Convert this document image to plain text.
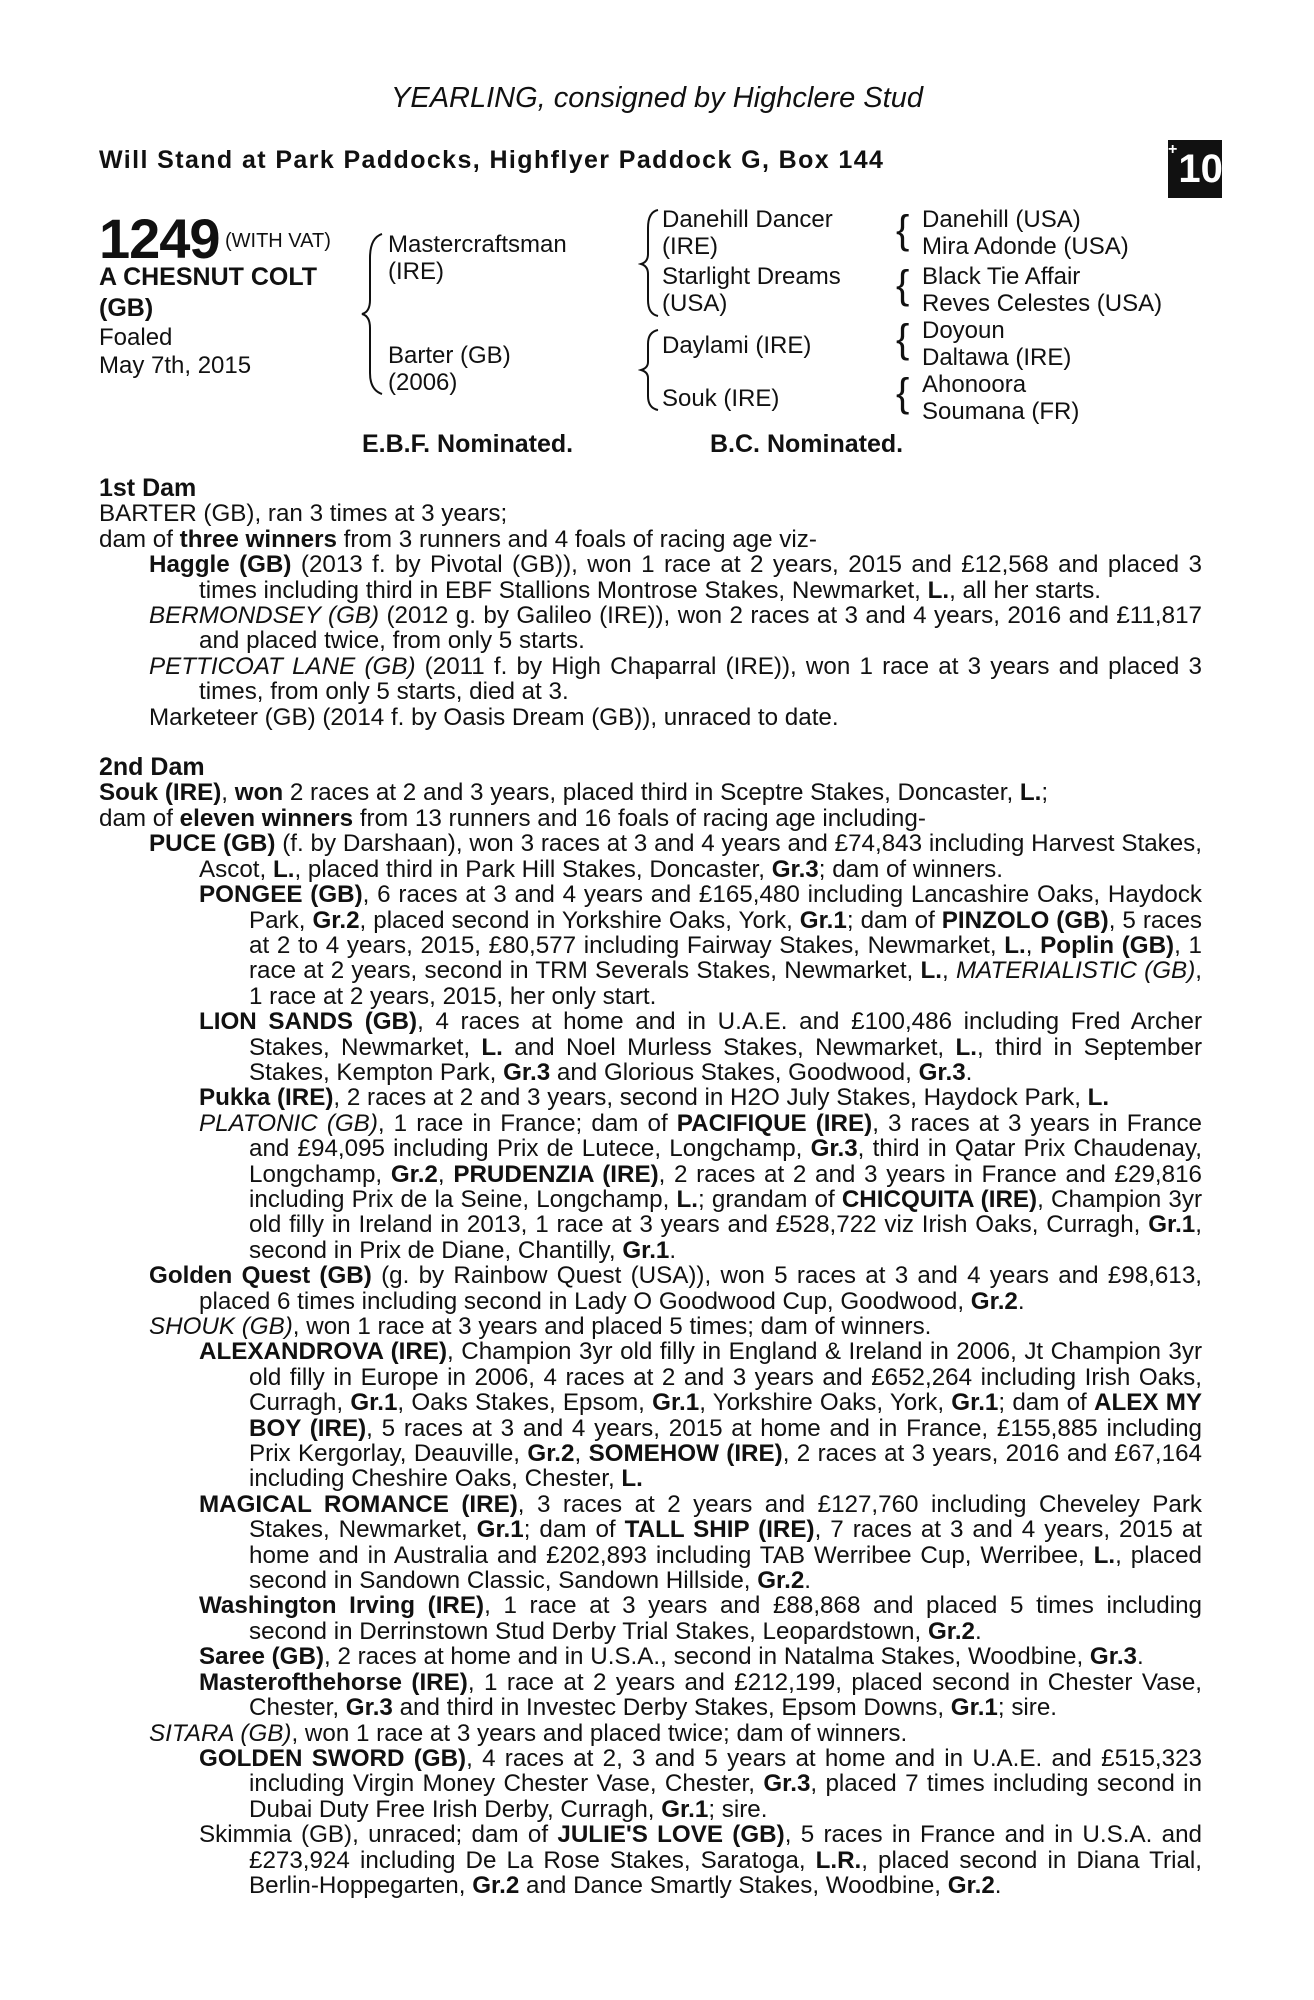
YEARLING, consigned by Highclere Stud
Will Stand at Park Paddocks, Highflyer Paddock G, Box 144	+10
1249 (WITH VAT)
A CHESNUT COLT (GB)
Foaled
May 7th, 2015
Mastercraftsman (IRE)
Barter (GB) (2006)
Danehill Dancer (IRE)
Starlight Dreams (USA)
Daylami (IRE)
Souk (IRE)
{ Danehill (USA)
Mira Adonde (USA)
{ Black Tie Affair
Reves Celestes (USA)
{ Doyoun
Daltawa (IRE)
{ Ahonoora
Soumana (FR)
E.B.F. Nominated.	B.C. Nominated.

1st Dam

BARTER (GB), ran 3 times at 3 years;

dam of three winners from 3 runners and 4 foals of racing age viz-

Haggle (GB) (2013 f. by Pivotal (GB)), won 1 race at 2 years, 2015 and £12,568 and placed 3 times including third in EBF Stallions Montrose Stakes, Newmarket, L., all her starts.

BERMONDSEY (GB) (2012 g. by Galileo (IRE)), won 2 races at 3 and 4 years, 2016 and £11,817 and placed twice, from only 5 starts.

PETTICOAT LANE (GB) (2011 f. by High Chaparral (IRE)), won 1 race at 3 years and placed 3 times, from only 5 starts, died at 3.

Marketeer (GB) (2014 f. by Oasis Dream (GB)), unraced to date.

2nd Dam

Souk (IRE), won 2 races at 2 and 3 years, placed third in Sceptre Stakes, Doncaster, L.;

dam of eleven winners from 13 runners and 16 foals of racing age including-

PUCE (GB) (f. by Darshaan), won 3 races at 3 and 4 years and £74,843 including Harvest Stakes, Ascot, L., placed third in Park Hill Stakes, Doncaster, Gr.3; dam of winners.

PONGEE (GB), 6 races at 3 and 4 years and £165,480 including Lancashire Oaks, Haydock Park, Gr.2, placed second in Yorkshire Oaks, York, Gr.1; dam of PINZOLO (GB), 5 races at 2 to 4 years, 2015, £80,577 including Fairway Stakes, Newmarket, L., Poplin (GB), 1 race at 2 years, second in TRM Severals Stakes, Newmarket, L., MATERIALISTIC (GB), 1 race at 2 years, 2015, her only start.

LION SANDS (GB), 4 races at home and in U.A.E. and £100,486 including Fred Archer Stakes, Newmarket, L. and Noel Murless Stakes, Newmarket, L., third in September Stakes, Kempton Park, Gr.3 and Glorious Stakes, Goodwood, Gr.3.

Pukka (IRE), 2 races at 2 and 3 years, second in H2O July Stakes, Haydock Park, L.

PLATONIC (GB), 1 race in France; dam of PACIFIQUE (IRE), 3 races at 3 years in France and £94,095 including Prix de Lutece, Longchamp, Gr.3, third in Qatar Prix Chaudenay, Longchamp, Gr.2, PRUDENZIA (IRE), 2 races at 2 and 3 years in France and £29,816 including Prix de la Seine, Longchamp, L.; grandam of CHICQUITA (IRE), Champion 3yr old filly in Ireland in 2013, 1 race at 3 years and £528,722 viz Irish Oaks, Curragh, Gr.1, second in Prix de Diane, Chantilly, Gr.1.

Golden Quest (GB) (g. by Rainbow Quest (USA)), won 5 races at 3 and 4 years and £98,613, placed 6 times including second in Lady O Goodwood Cup, Goodwood, Gr.2.

SHOUK (GB), won 1 race at 3 years and placed 5 times; dam of winners.

ALEXANDROVA (IRE), Champion 3yr old filly in England & Ireland in 2006, Jt Champion 3yr old filly in Europe in 2006, 4 races at 2 and 3 years and £652,264 including Irish Oaks, Curragh, Gr.1, Oaks Stakes, Epsom, Gr.1, Yorkshire Oaks, York, Gr.1; dam of ALEX MY BOY (IRE), 5 races at 3 and 4 years, 2015 at home and in France, £155,885 including Prix Kergorlay, Deauville, Gr.2, SOMEHOW (IRE), 2 races at 3 years, 2016 and £67,164 including Cheshire Oaks, Chester, L.

MAGICAL ROMANCE (IRE), 3 races at 2 years and £127,760 including Cheveley Park Stakes, Newmarket, Gr.1; dam of TALL SHIP (IRE), 7 races at 3 and 4 years, 2015 at home and in Australia and £202,893 including TAB Werribee Cup, Werribee, L., placed second in Sandown Classic, Sandown Hillside, Gr.2.

Washington Irving (IRE), 1 race at 3 years and £88,868 and placed 5 times including second in Derrinstown Stud Derby Trial Stakes, Leopardstown, Gr.2.

Saree (GB), 2 races at home and in U.S.A., second in Natalma Stakes, Woodbine, Gr.3.

Masterofthehorse (IRE), 1 race at 2 years and £212,199, placed second in Chester Vase, Chester, Gr.3 and third in Investec Derby Stakes, Epsom Downs, Gr.1; sire.

SITARA (GB), won 1 race at 3 years and placed twice; dam of winners.

GOLDEN SWORD (GB), 4 races at 2, 3 and 5 years at home and in U.A.E. and £515,323 including Virgin Money Chester Vase, Chester, Gr.3, placed 7 times including second in Dubai Duty Free Irish Derby, Curragh, Gr.1; sire.

Skimmia (GB), unraced; dam of JULIE'S LOVE (GB), 5 races in France and in U.S.A. and £273,924 including De La Rose Stakes, Saratoga, L.R., placed second in Diana Trial, Berlin-Hoppegarten, Gr.2 and Dance Smartly Stakes, Woodbine, Gr.2.
